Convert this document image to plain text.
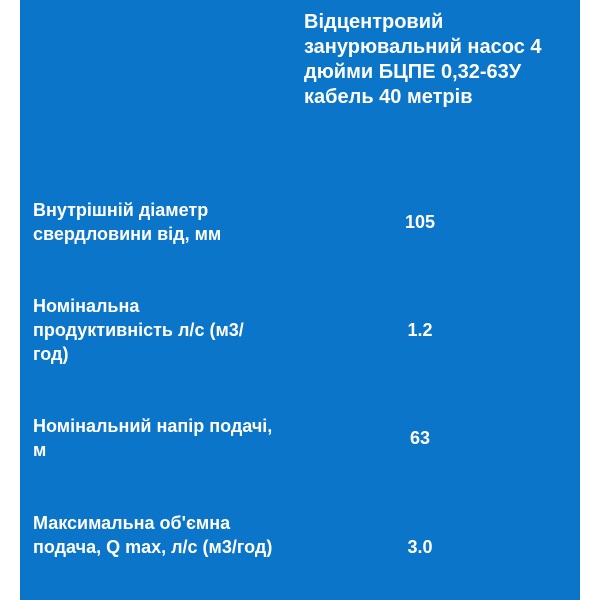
Відцентровий занурювальний насос 4 дюйми БЦПЕ 0,32-63У кабель 40 метрів
Внутрішній діаметр свердловини від, мм
105
Номінальна продуктивність л/с (м3/год)
1.2
Номінальний напір подачі, м
63
Максимальна об'ємна подача, Q max, л/с (м3/год)	3.0
